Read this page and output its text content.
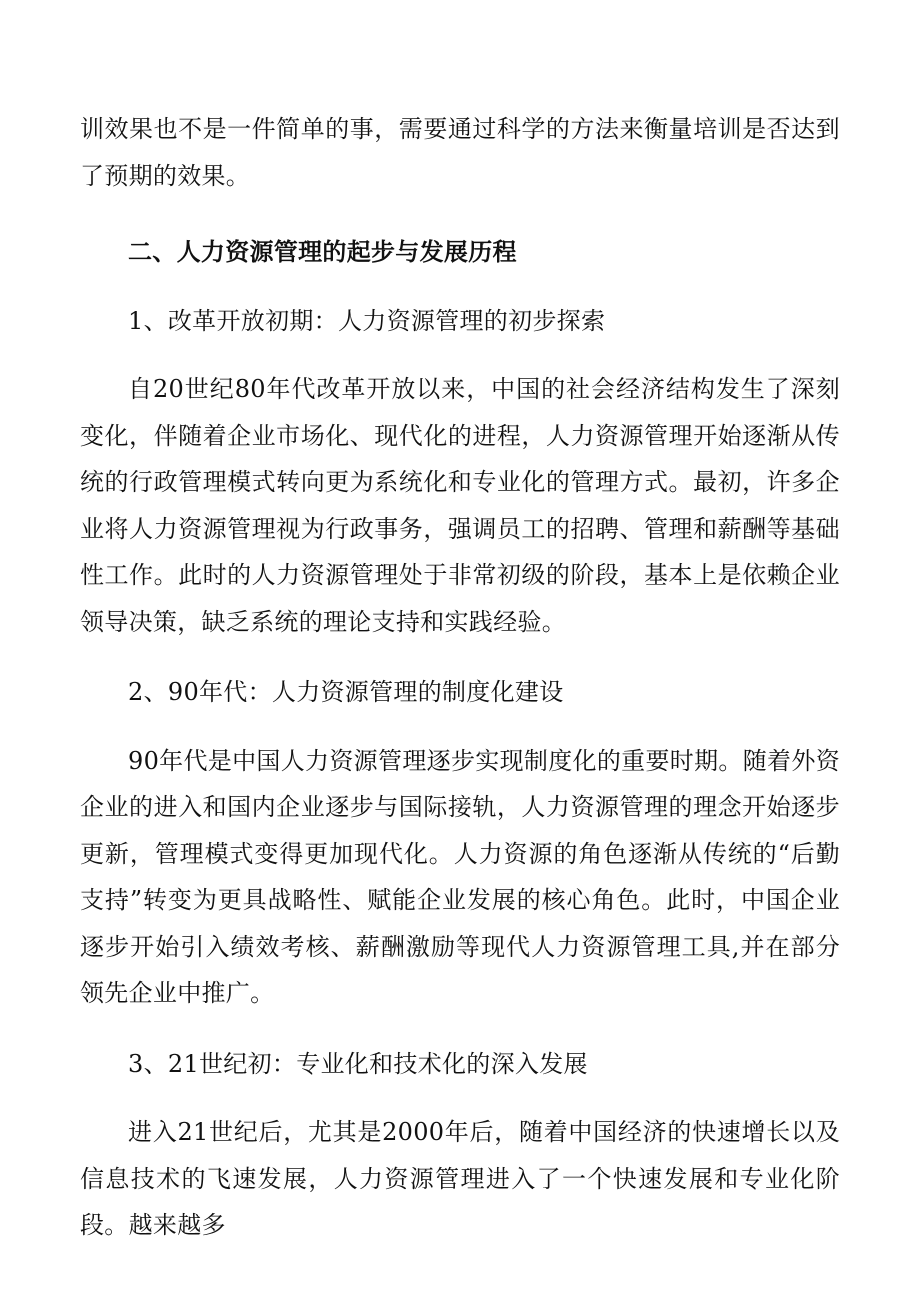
训效果也不是一件简单的事，需要通过科学的方法来衡量培训是否达到了预期的效果。

二、人力资源管理的起步与发展历程

1、改革开放初期：人力资源管理的初步探索

自20世纪80年代改革开放以来，中国的社会经济结构发生了深刻变化，伴随着企业市场化、现代化的进程，人力资源管理开始逐渐从传统的行政管理模式转向更为系统化和专业化的管理方式。最初，许多企业将人力资源管理视为行政事务，强调员工的招聘、管理和薪酬等基础性工作。此时的人力资源管理处于非常初级的阶段，基本上是依赖企业领导决策，缺乏系统的理论支持和实践经验。

2、90年代：人力资源管理的制度化建设

90年代是中国人力资源管理逐步实现制度化的重要时期。随着外资企业的进入和国内企业逐步与国际接轨，人力资源管理的理念开始逐步更新，管理模式变得更加现代化。人力资源的角色逐渐从传统的“后勤支持”转变为更具战略性、赋能企业发展的核心角色。此时，中国企业逐步开始引入绩效考核、薪酬激励等现代人力资源管理工具,并在部分领先企业中推广。

3、21世纪初：专业化和技术化的深入发展

进入21世纪后，尤其是2000年后，随着中国经济的快速增长以及信息技术的飞速发展，人力资源管理进入了一个快速发展和专业化阶段。越来越多
